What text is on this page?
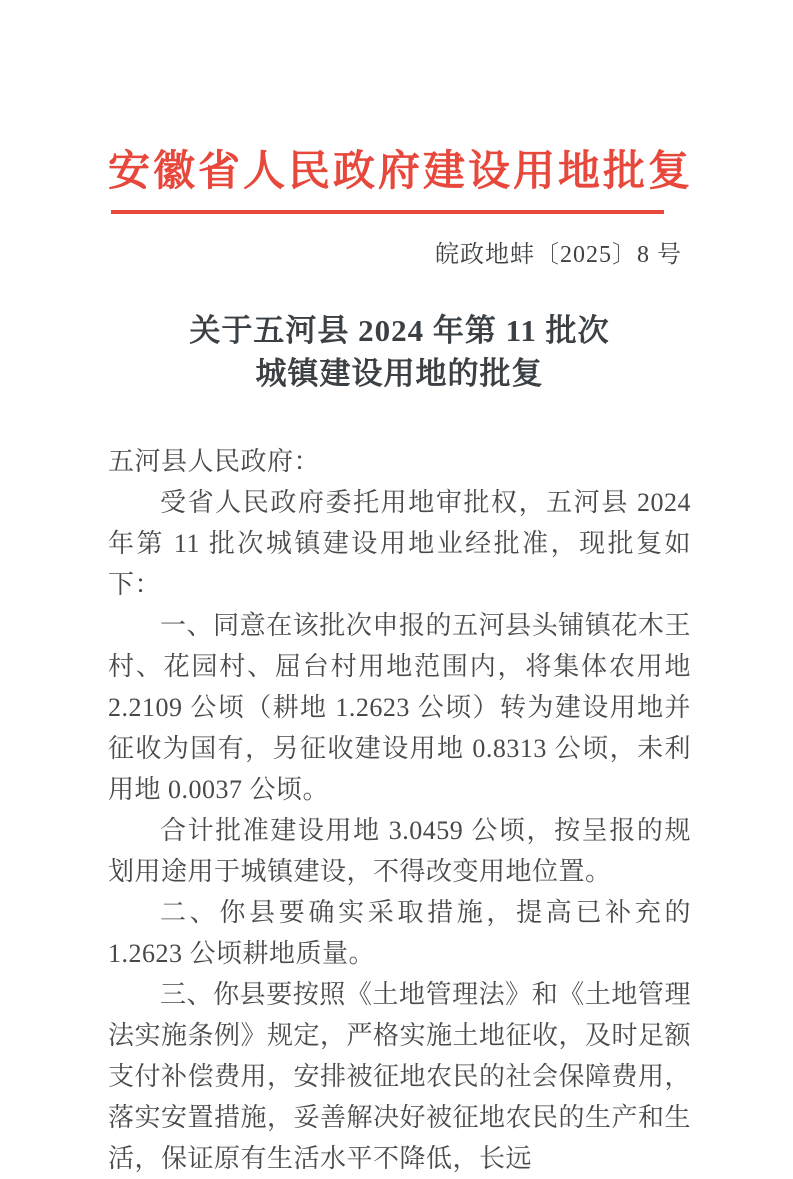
安徽省人民政府建设用地批复
皖政地蚌〔2025〕8 号
关于五河县 2024 年第 11 批次
城镇建设用地的批复

五河县人民政府：

受省人民政府委托用地审批权，五河县 2024 年第 11 批次城镇建设用地业经批准，现批复如下：

一、同意在该批次申报的五河县头铺镇花木王村、花园村、屈台村用地范围内，将集体农用地 2.2109 公顷（耕地 1.2623 公顷）转为建设用地并征收为国有，另征收建设用地 0.8313 公顷，未利用地 0.0037 公顷。

合计批准建设用地 3.0459 公顷，按呈报的规划用途用于城镇建设，不得改变用地位置。

二、你县要确实采取措施，提高已补充的 1.2623 公顷耕地质量。

三、你县要按照《土地管理法》和《土地管理法实施条例》规定，严格实施土地征收，及时足额支付补偿费用，安排被征地农民的社会保障费用，落实安置措施，妥善解决好被征地农民的生产和生活，保证原有生活水平不降低，长远
